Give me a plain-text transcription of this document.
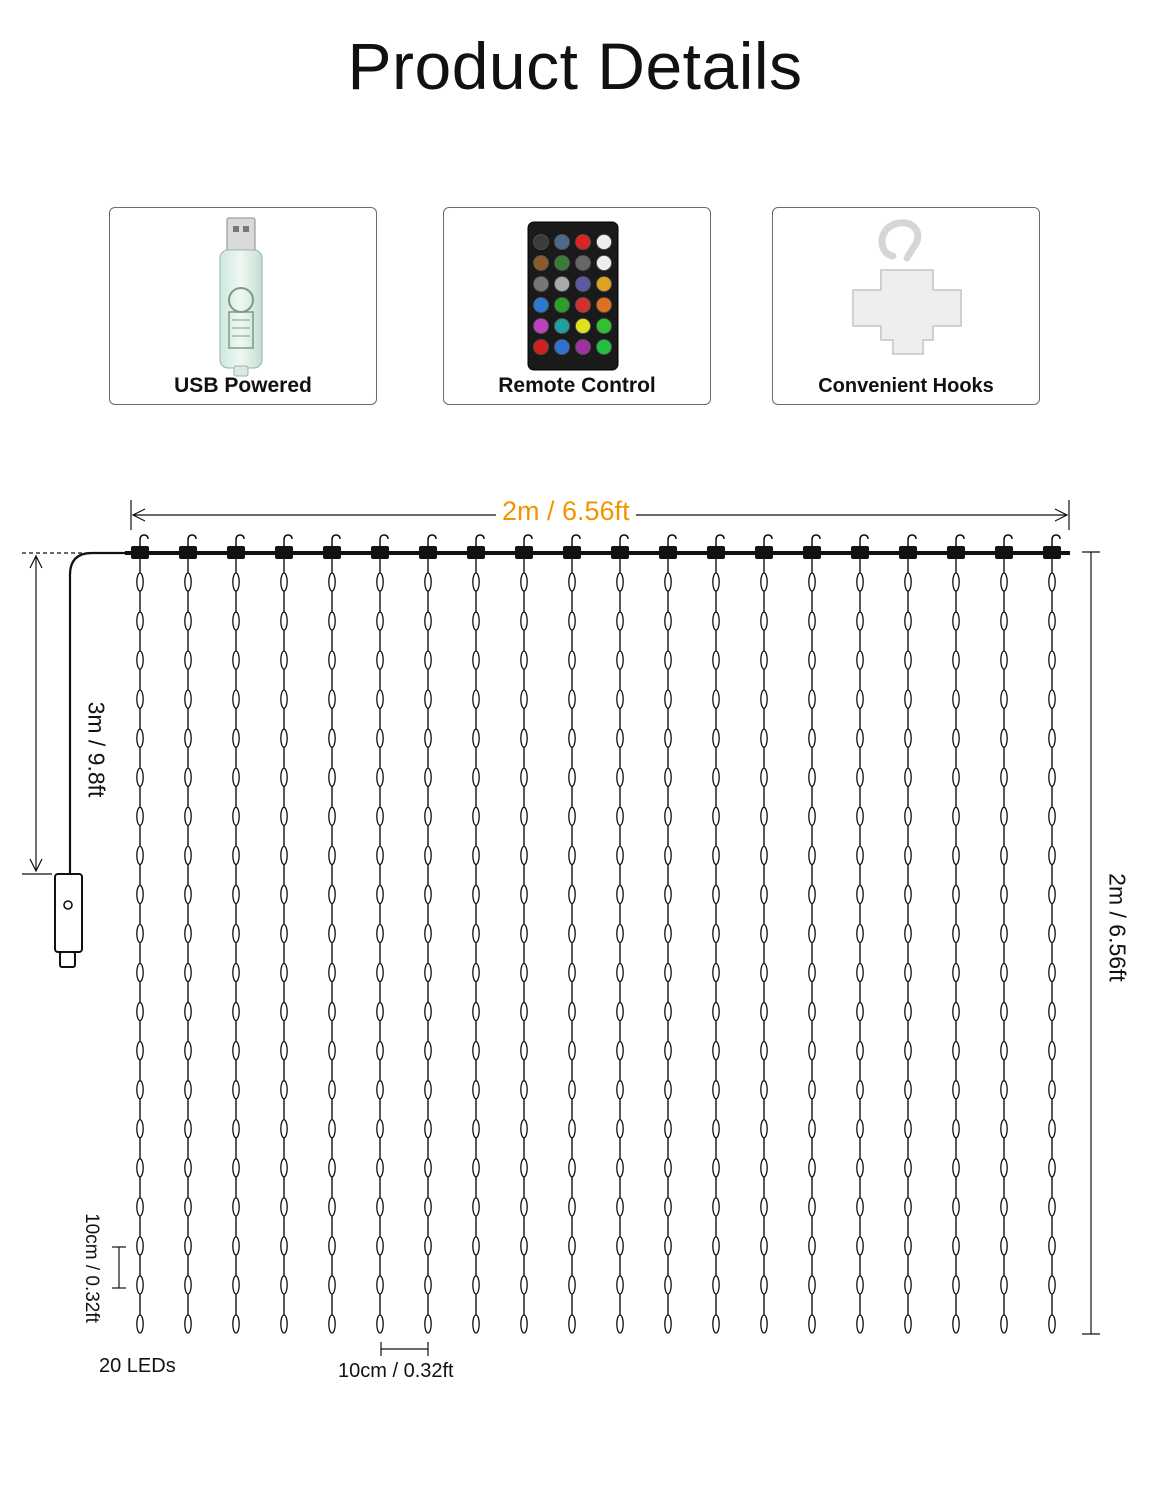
Product Details
USB Powered	Remote Control	Convenient Hooks
2m / 6.56ft
2m / 6.56ft
3m / 9.8ft
10cm / 0.32ft
20 LEDs	10cm / 0.32ft
